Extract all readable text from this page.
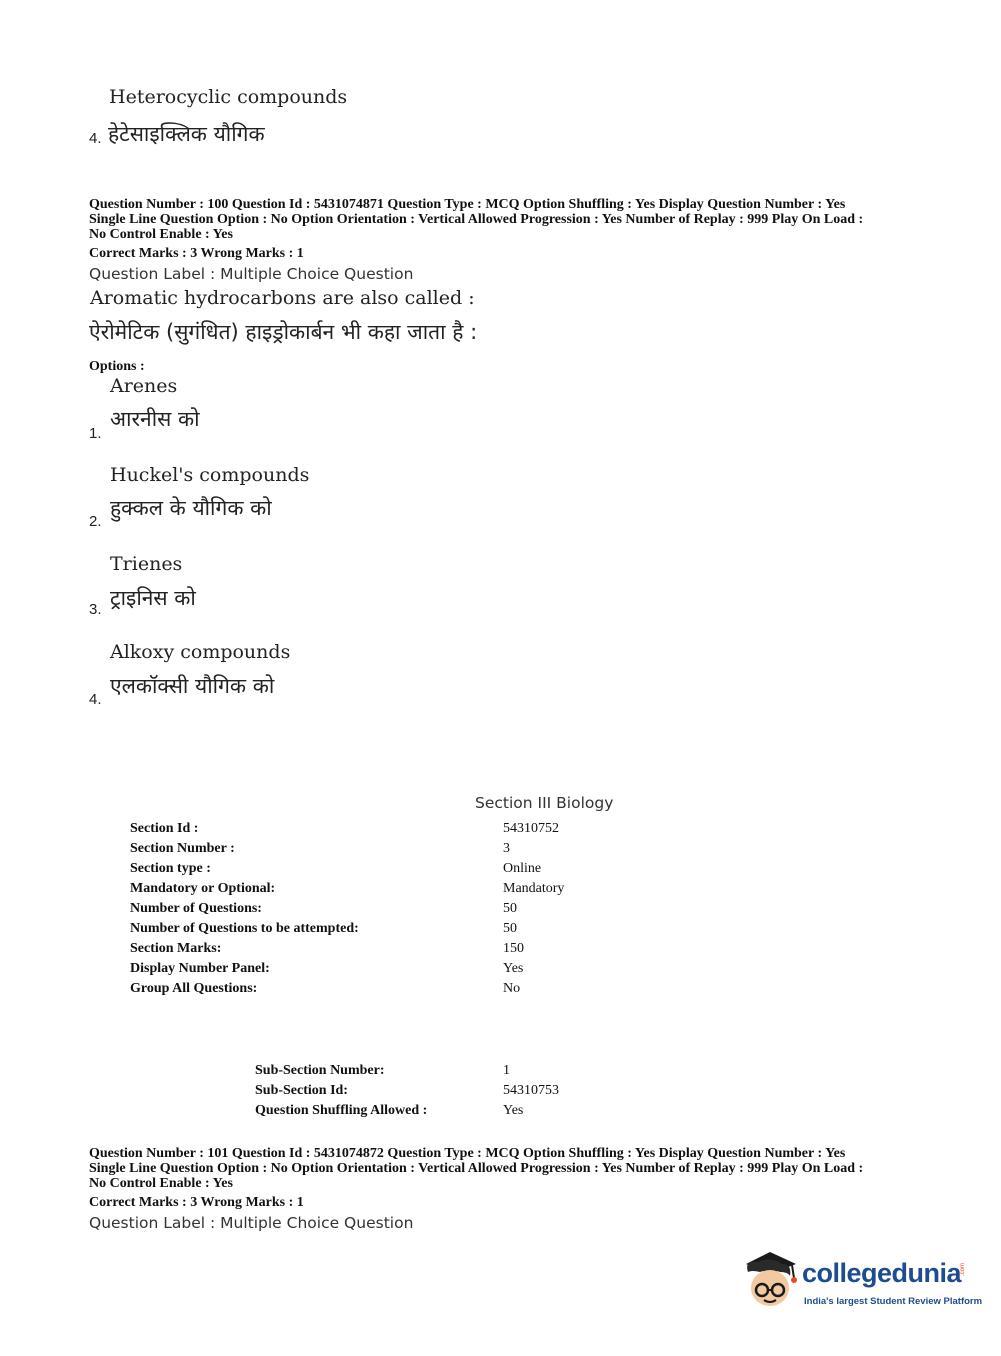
Heterocyclic compounds
4. हेटेसाइक्लिक यौगिक
Question Number : 100 Question Id : 5431074871 Question Type : MCQ Option Shuffling : Yes Display Question Number : Yes
Single Line Question Option : No Option Orientation : Vertical Allowed Progression : Yes Number of Replay : 999 Play On Load :
No Control Enable : Yes
Correct Marks : 3 Wrong Marks : 1
Question Label : Multiple Choice Question
Aromatic hydrocarbons are also called :
ऐरोमेटिक (सुगंधित) हाइड्रोकार्बन भी कहा जाता है :
Options :
Arenes
1.
आरनीस को
Huckel's compounds
2.
हुक्कल के यौगिक को
Trienes
3. ट्राइनिस को
Alkoxy compounds
4.
एलकॉक्सी यौगिक को
Section III Biology
Section Id :	54310752
Section Number :	3
Section type :	Online
Mandatory or Optional:	Mandatory
Number of Questions:	50
Number of Questions to be attempted:	50
Section Marks:	150
Display Number Panel:	Yes
Group All Questions:	No
Sub-Section Number:	1
Sub-Section Id:	54310753
Question Shuffling Allowed :	Yes
Question Number : 101 Question Id : 5431074872 Question Type : MCQ Option Shuffling : Yes Display Question Number : Yes
Single Line Question Option : No Option Orientation : Vertical Allowed Progression : Yes Number of Replay : 999 Play On Load :
No Control Enable : Yes
Correct Marks : 3 Wrong Marks : 1
Question Label : Multiple Choice Question
collegedunia
.com
India's largest Student Review Platform
